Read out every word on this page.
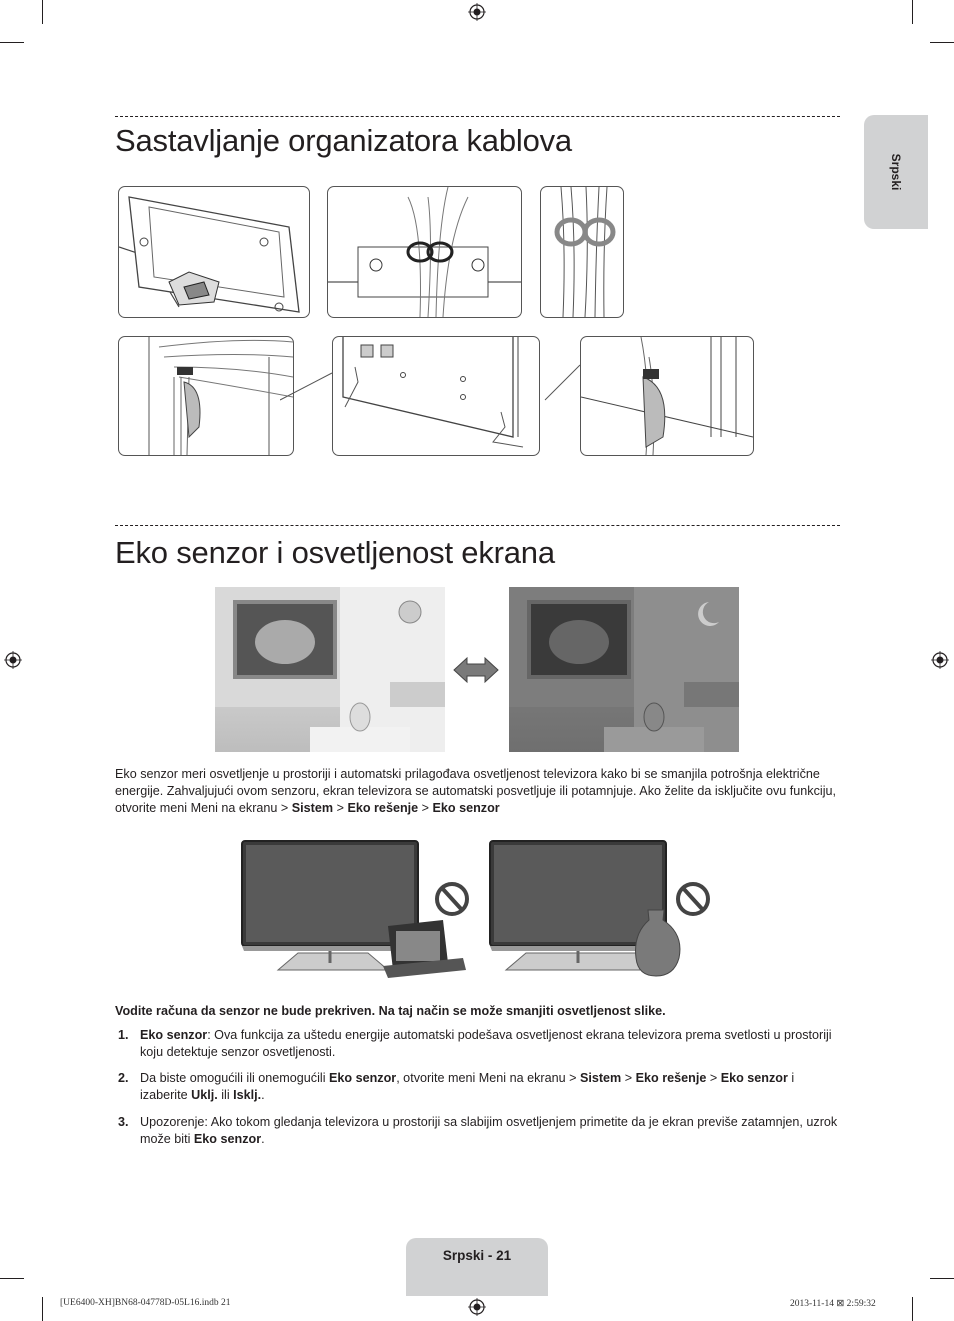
Srpski
Sastavljanje organizatora kablova
Eko senzor i osvetljenost ekrana

Eko senzor meri osvetljenje u prostoriji i automatski prilagođava osvetljenost televizora kako bi se smanjila potrošnja električne energije. Zahvaljujući ovom senzoru, ekran televizora se automatski posvetljuje ili potamnjuje. Ako želite da isključite ovu funkciju, otvorite meni Meni na ekranu > Sistem > Eko rešenje > Eko senzor

Vodite računa da senzor ne bude prekriven. Na taj način se može smanjiti osvetljenost slike.

1. Eko senzor: Ova funkcija za uštedu energije automatski podešava osvetljenost ekrana televizora prema svetlosti u prostoriji koju detektuje senzor osvetljenosti.
2. Da biste omogućili ili onemogućili Eko senzor, otvorite meni Meni na ekranu > Sistem > Eko rešenje > Eko senzor i izaberite Uklj. ili Isklj..
3. Upozorenje: Ako tokom gledanja televizora u prostoriji sa slabijim osvetljenjem primetite da je ekran previše zatamnjen, uzrok može biti Eko senzor.
Srpski - 21
[UE6400-XH]BN68-04778D-05L16.indb 21	2013-11-14 ⊠ 2:59:32
